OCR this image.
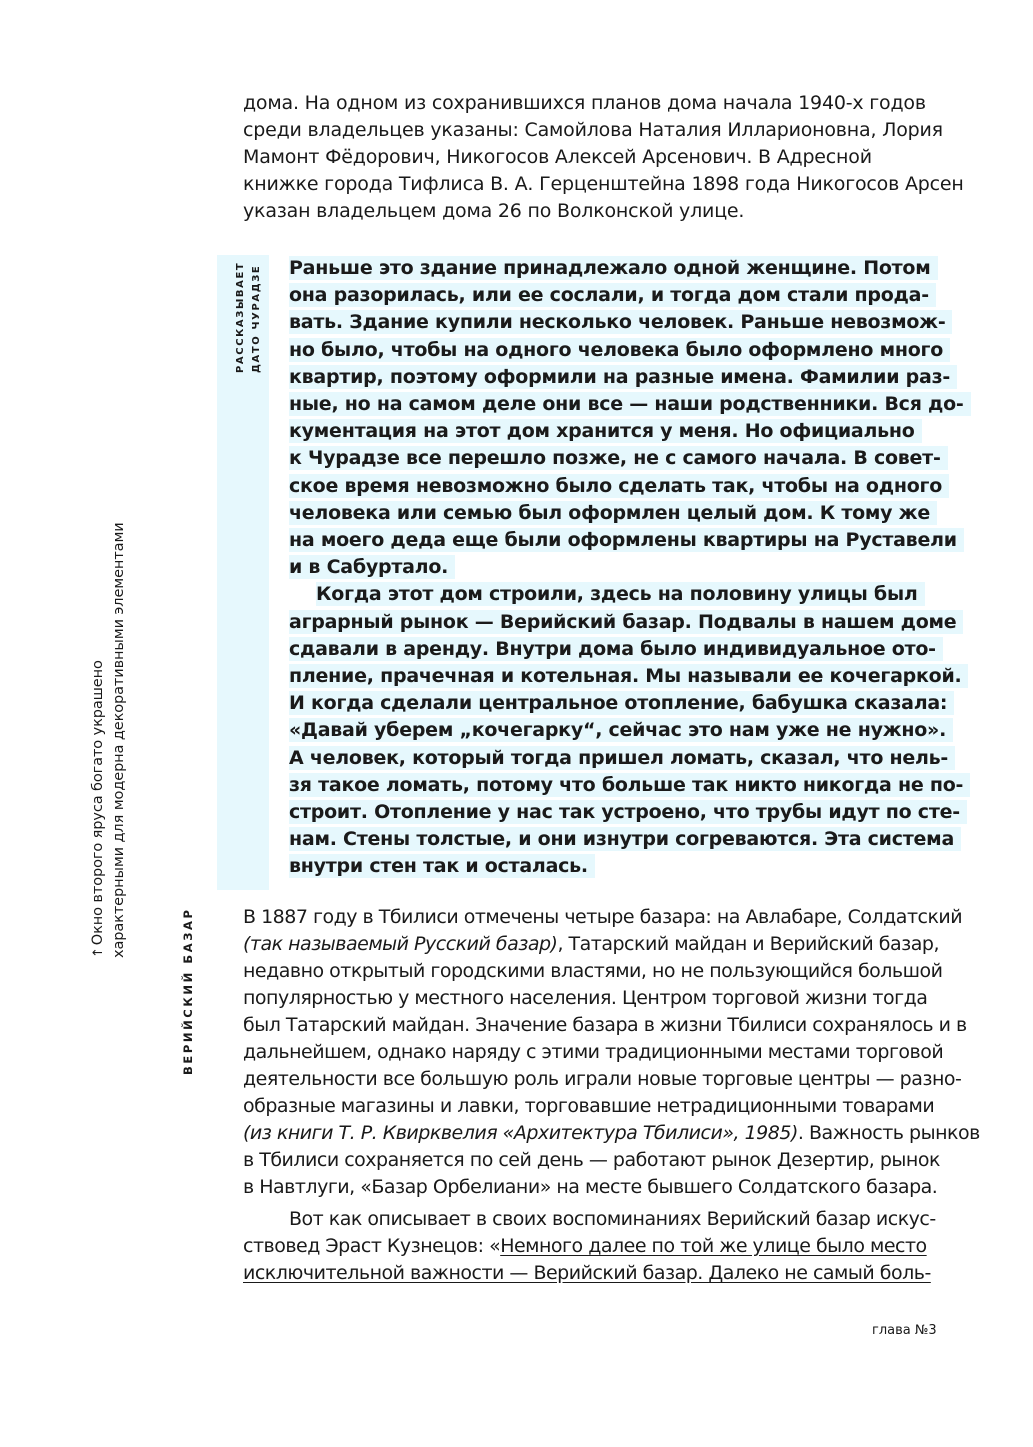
дома. На одном из сохранившихся планов дома начала 1940-х годов
среди владельцев указаны: Самойлова Наталия Илларионовна, Лория
Мамонт Фёдорович, Никогосов Алексей Арсенович. В Адресной
книжке города Тифлиса В. А. Герценштейна 1898 года Никогосов Арсен
указан владельцем дома 26 по Волконской улице.
РАССКАЗЫВАЕТ ДАТО ЧУРАДЗЕ Раньше это здание принадлежало одной женщине. Потом
она разорилась, или ее сослали, и тогда дом стали прода-
вать. Здание купили несколько человек. Раньше невозмож-
но было, чтобы на одного человека было оформлено много
квартир, поэтому оформили на разные имена. Фамилии раз-
ные, но на самом деле они все — наши родственники. Вся до-
кументация на этот дом хранится у меня. Но официально
к Чурадзе все перешло позже, не с самого начала. В совет-
ское время невозможно было сделать так, чтобы на одного
человека или семью был оформлен целый дом. К тому же
на моего деда еще были оформлены квартиры на Руставели
и в Сабуртало.
Когда этот дом строили, здесь на половину улицы был
аграрный рынок — Верийский базар. Подвалы в нашем доме
сдавали в аренду. Внутри дома было индивидуальное ото-
пление, прачечная и котельная. Мы называли ее кочегаркой.
И когда сделали центральное отопление, бабушка сказала:
«Давай уберем „кочегарку“, сейчас это нам уже не нужно».
А человек, который тогда пришел ломать, сказал, что нель-
зя такое ломать, потому что больше так никто никогда не по-
строит. Отопление у нас так устроено, что трубы идут по сте-
нам. Стены толстые, и они изнутри согреваются. Эта система
внутри стен так и осталась.
↑Окно второго яруса богато украшено характерными для модерна декоративными элементами
ВЕРИЙСКИЙ БАЗАР	В 1887 году в Тбилиси отмечены четыре базара: на Авлабаре, Солдатский
(так называемый Русский базар), Татарский майдан и Верийский базар,
недавно открытый городскими властями, но не пользующийся большой
популярностью у местного населения. Центром торговой жизни тогда
был Татарский майдан. Значение базара в жизни Тбилиси сохранялось и в
дальнейшем, однако наряду с этими традиционными местами торговой
деятельности все большую роль играли новые торговые центры — разно-
образные магазины и лавки, торговавшие нетрадиционными товарами
(из книги Т. Р. Квирквелия «Архитектура Тбилиси», 1985). Важность рынков
в Тбилиси сохраняется по сей день — работают рынок Дезертир, рынок
в Навтлуги, «Базар Орбелиани» на месте бывшего Солдатского базара.
Вот как описывает в своих воспоминаниях Верийский базар искус-
ствовед Эраст Кузнецов: «Немного далее по той же улице было место
исключительной важности — Верийский базар. Далеко не самый боль-
глава №3
